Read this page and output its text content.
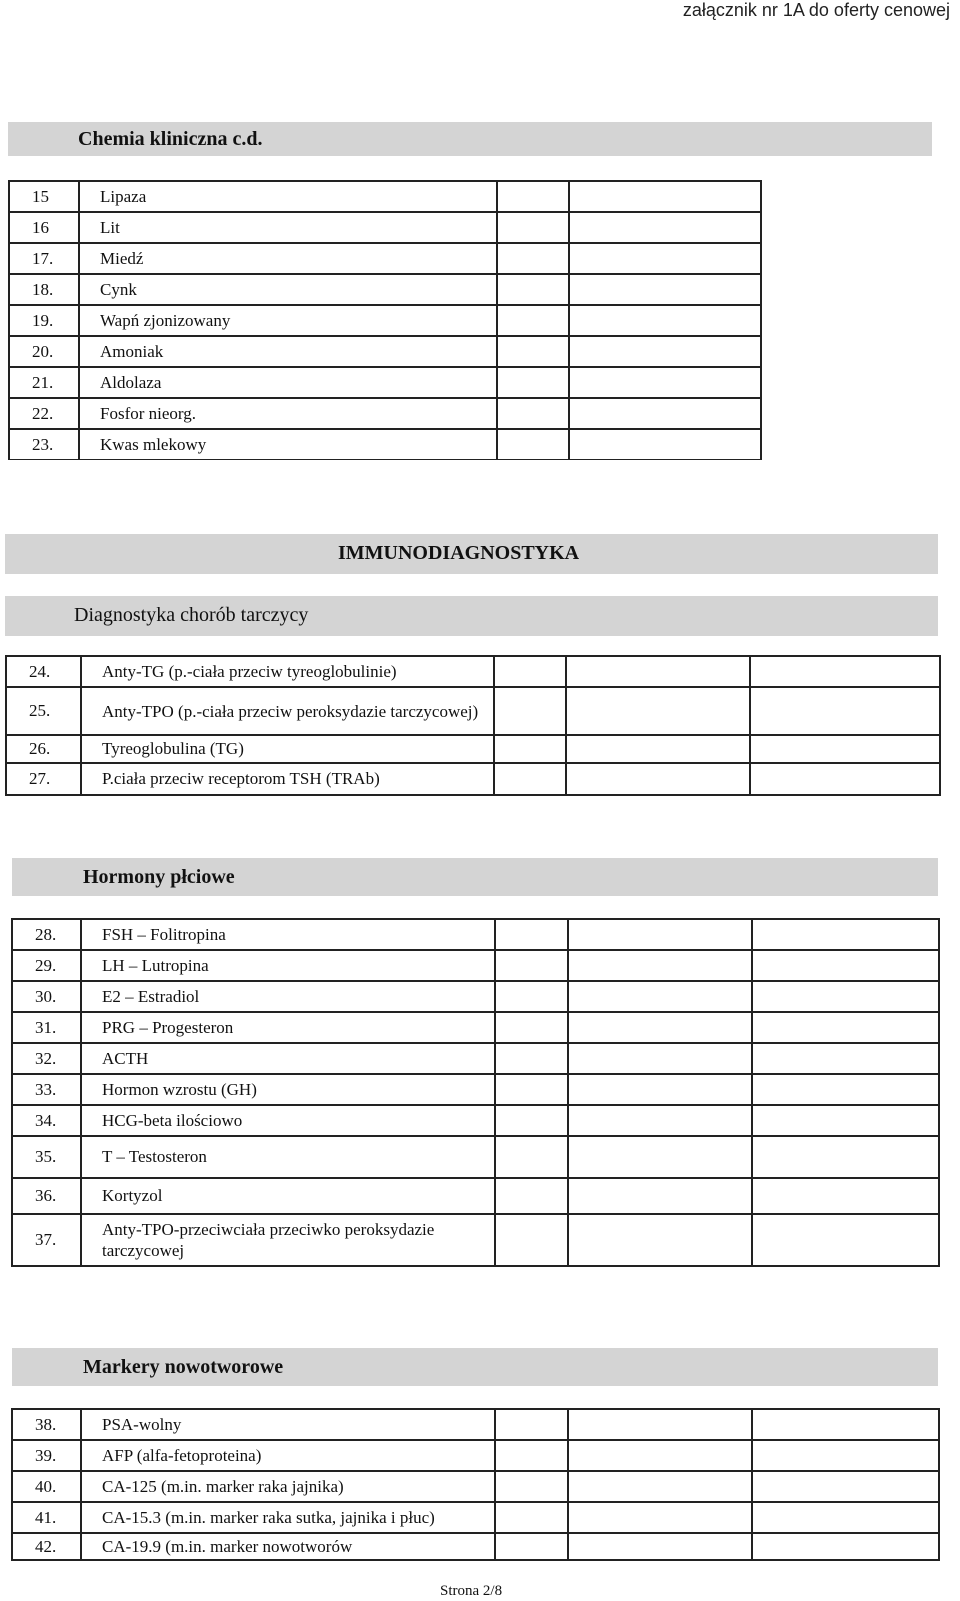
załącznik nr 1A do oferty cenowej
Chemia kliniczna c.d.
15	Lipaza		
16	Lit		
17.	Miedź		
18.	Cynk		
19.	Wapń zjonizowany		
20.	Amoniak		
21.	Aldolaza		
22.	Fosfor nieorg.		
23.	Kwas mlekowy		
IMMUNODIAGNOSTYKA
Diagnostyka chorób tarczycy
24.	Anty-TG (p.-ciała przeciw tyreoglobulinie)			
25.	Anty-TPO (p.-ciała przeciw peroksydazie tarczycowej)			
26.	Tyreoglobulina (TG)			
27.	P.ciała przeciw receptorom TSH (TRAb)			
Hormony płciowe
28.	FSH – Folitropina			
29.	LH – Lutropina			
30.	E2 – Estradiol			
31.	PRG – Progesteron			
32.	ACTH			
33.	Hormon wzrostu (GH)			
34.	HCG-beta ilościowo			
35.	T – Testosteron			
36.	Kortyzol			
37.	Anty-TPO-przeciwciała przeciwko peroksydazie tarczycowej			
Markery nowotworowe
38.	PSA-wolny			
39.	AFP (alfa-fetoproteina)			
40.	CA-125 (m.in. marker raka jajnika)			
41.	CA-15.3 (m.in. marker raka sutka, jajnika i płuc)			
42.	CA-19.9 (m.in. marker nowotworów			
Strona 2/8
